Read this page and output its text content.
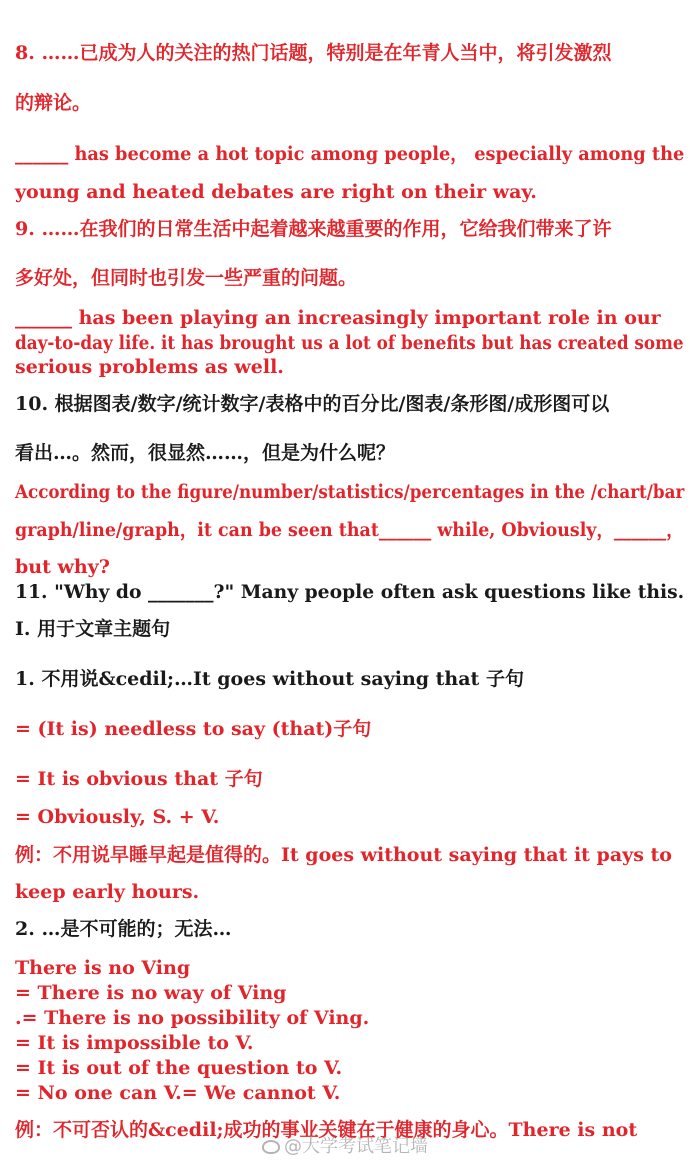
8. ……已成为人的关注的热门话题，特别是在年青人当中，将引发激烈

的辩论。

______ has become a hot topic among people， especially among the

young and heated debates are right on their way.

9. ……在我们的日常生活中起着越来越重要的作用，它给我们带来了许

多好处，但同时也引发一些严重的问题。

______ has been playing an increasingly important role in our

day-to-day life. it has brought us a lot of benefits but has created some

serious problems as well.

10. 根据图表/数字/统计数字/表格中的百分比/图表/条形图/成形图可以

看出…。然而，很显然……，但是为什么呢？

According to the figure/number/statistics/percentages in the /chart/bar

graph/line/graph，it can be seen that______ while, Obviously，______，

but why?

11. "Why do _______?" Many people often ask questions like this.

I. 用于文章主题句

1. 不用说&cedil;…It goes without saying that 子句

= (It is) needless to say (that)子句

= It is obvious that 子句

= Obviously, S. + V.

例：不用说早睡早起是值得的。It goes without saying that it pays to

keep early hours.

2. …是不可能的；无法…

There is no Ving

= There is no way of Ving

.= There is no possibility of Ving.

= It is impossible to V.

= It is out of the question to V.

= No one can V.= We cannot V.

例：不可否认的&cedil;成功的事业关键在于健康的身心。There is not

@大学考试笔记墙
